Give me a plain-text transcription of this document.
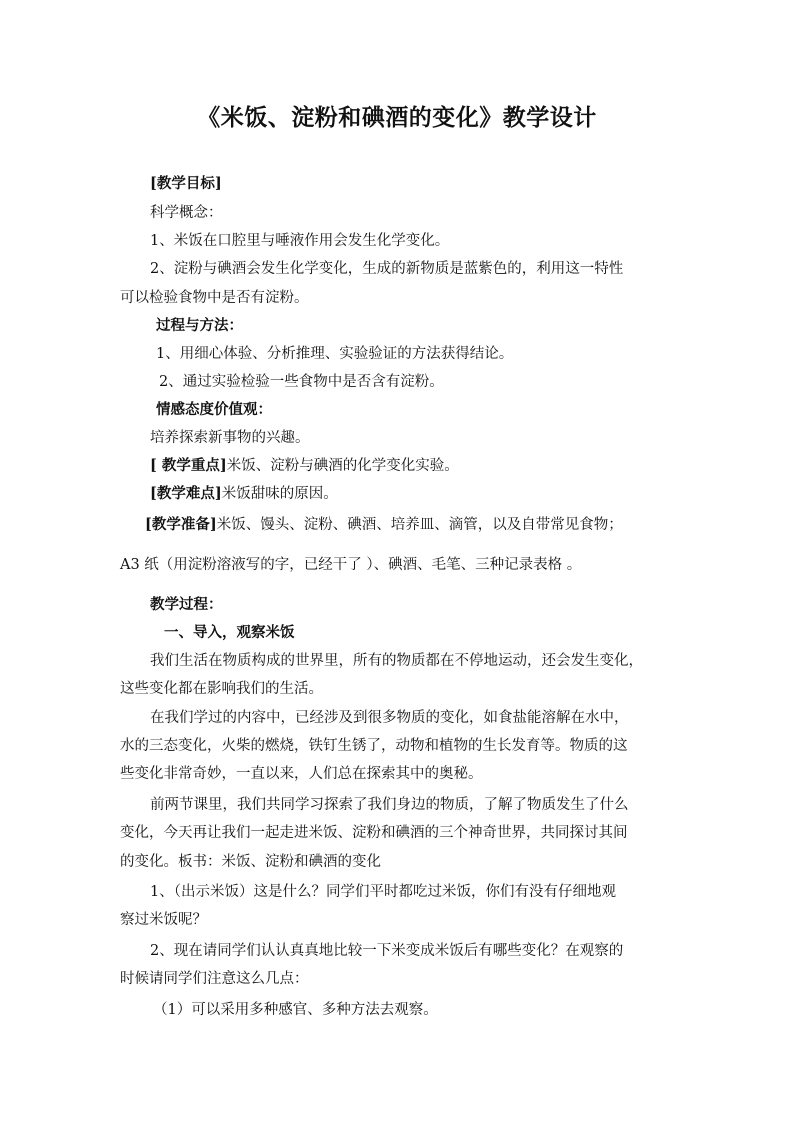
《米饭、淀粉和碘酒的变化》教学设计
[教学目标]
科学概念：
1、米饭在口腔里与唾液作用会发生化学变化。
2、淀粉与碘酒会发生化学变化，生成的新物质是蓝紫色的，利用这一特性
可以检验食物中是否有淀粉。
过程与方法：
1、用细心体验、分析推理、实验验证的方法获得结论。
2、通过实验检验一些食物中是否含有淀粉。
情感态度价值观：
培养探索新事物的兴趣。
[ 教学重点]米饭、淀粉与碘酒的化学变化实验。
[教学难点]米饭甜味的原因。
[教学准备]米饭、馒头、淀粉、碘酒、培养皿、滴管，以及自带常见食物；
A3 纸（用淀粉溶液写的字，已经干了 ）、碘酒、毛笔、三种记录表格 。
教学过程：
一、导入，观察米饭
我们生活在物质构成的世界里，所有的物质都在不停地运动，还会发生变化，
这些变化都在影响我们的生活。
在我们学过的内容中，已经涉及到很多物质的变化，如食盐能溶解在水中，
水的三态变化，火柴的燃烧，铁钉生锈了，动物和植物的生长发育等。物质的这
些变化非常奇妙，一直以来，人们总在探索其中的奥秘。
前两节课里，我们共同学习探索了我们身边的物质，了解了物质发生了什么
变化，今天再让我们一起走进米饭、淀粉和碘酒的三个神奇世界，共同探讨其间
的变化。板书：米饭、淀粉和碘酒的变化
1、（出示米饭）这是什么？同学们平时都吃过米饭，你们有没有仔细地观
察过米饭呢？
2、现在请同学们认认真真地比较一下米变成米饭后有哪些变化？在观察的
时候请同学们注意这么几点：
（1）可以采用多种感官、多种方法去观察。
